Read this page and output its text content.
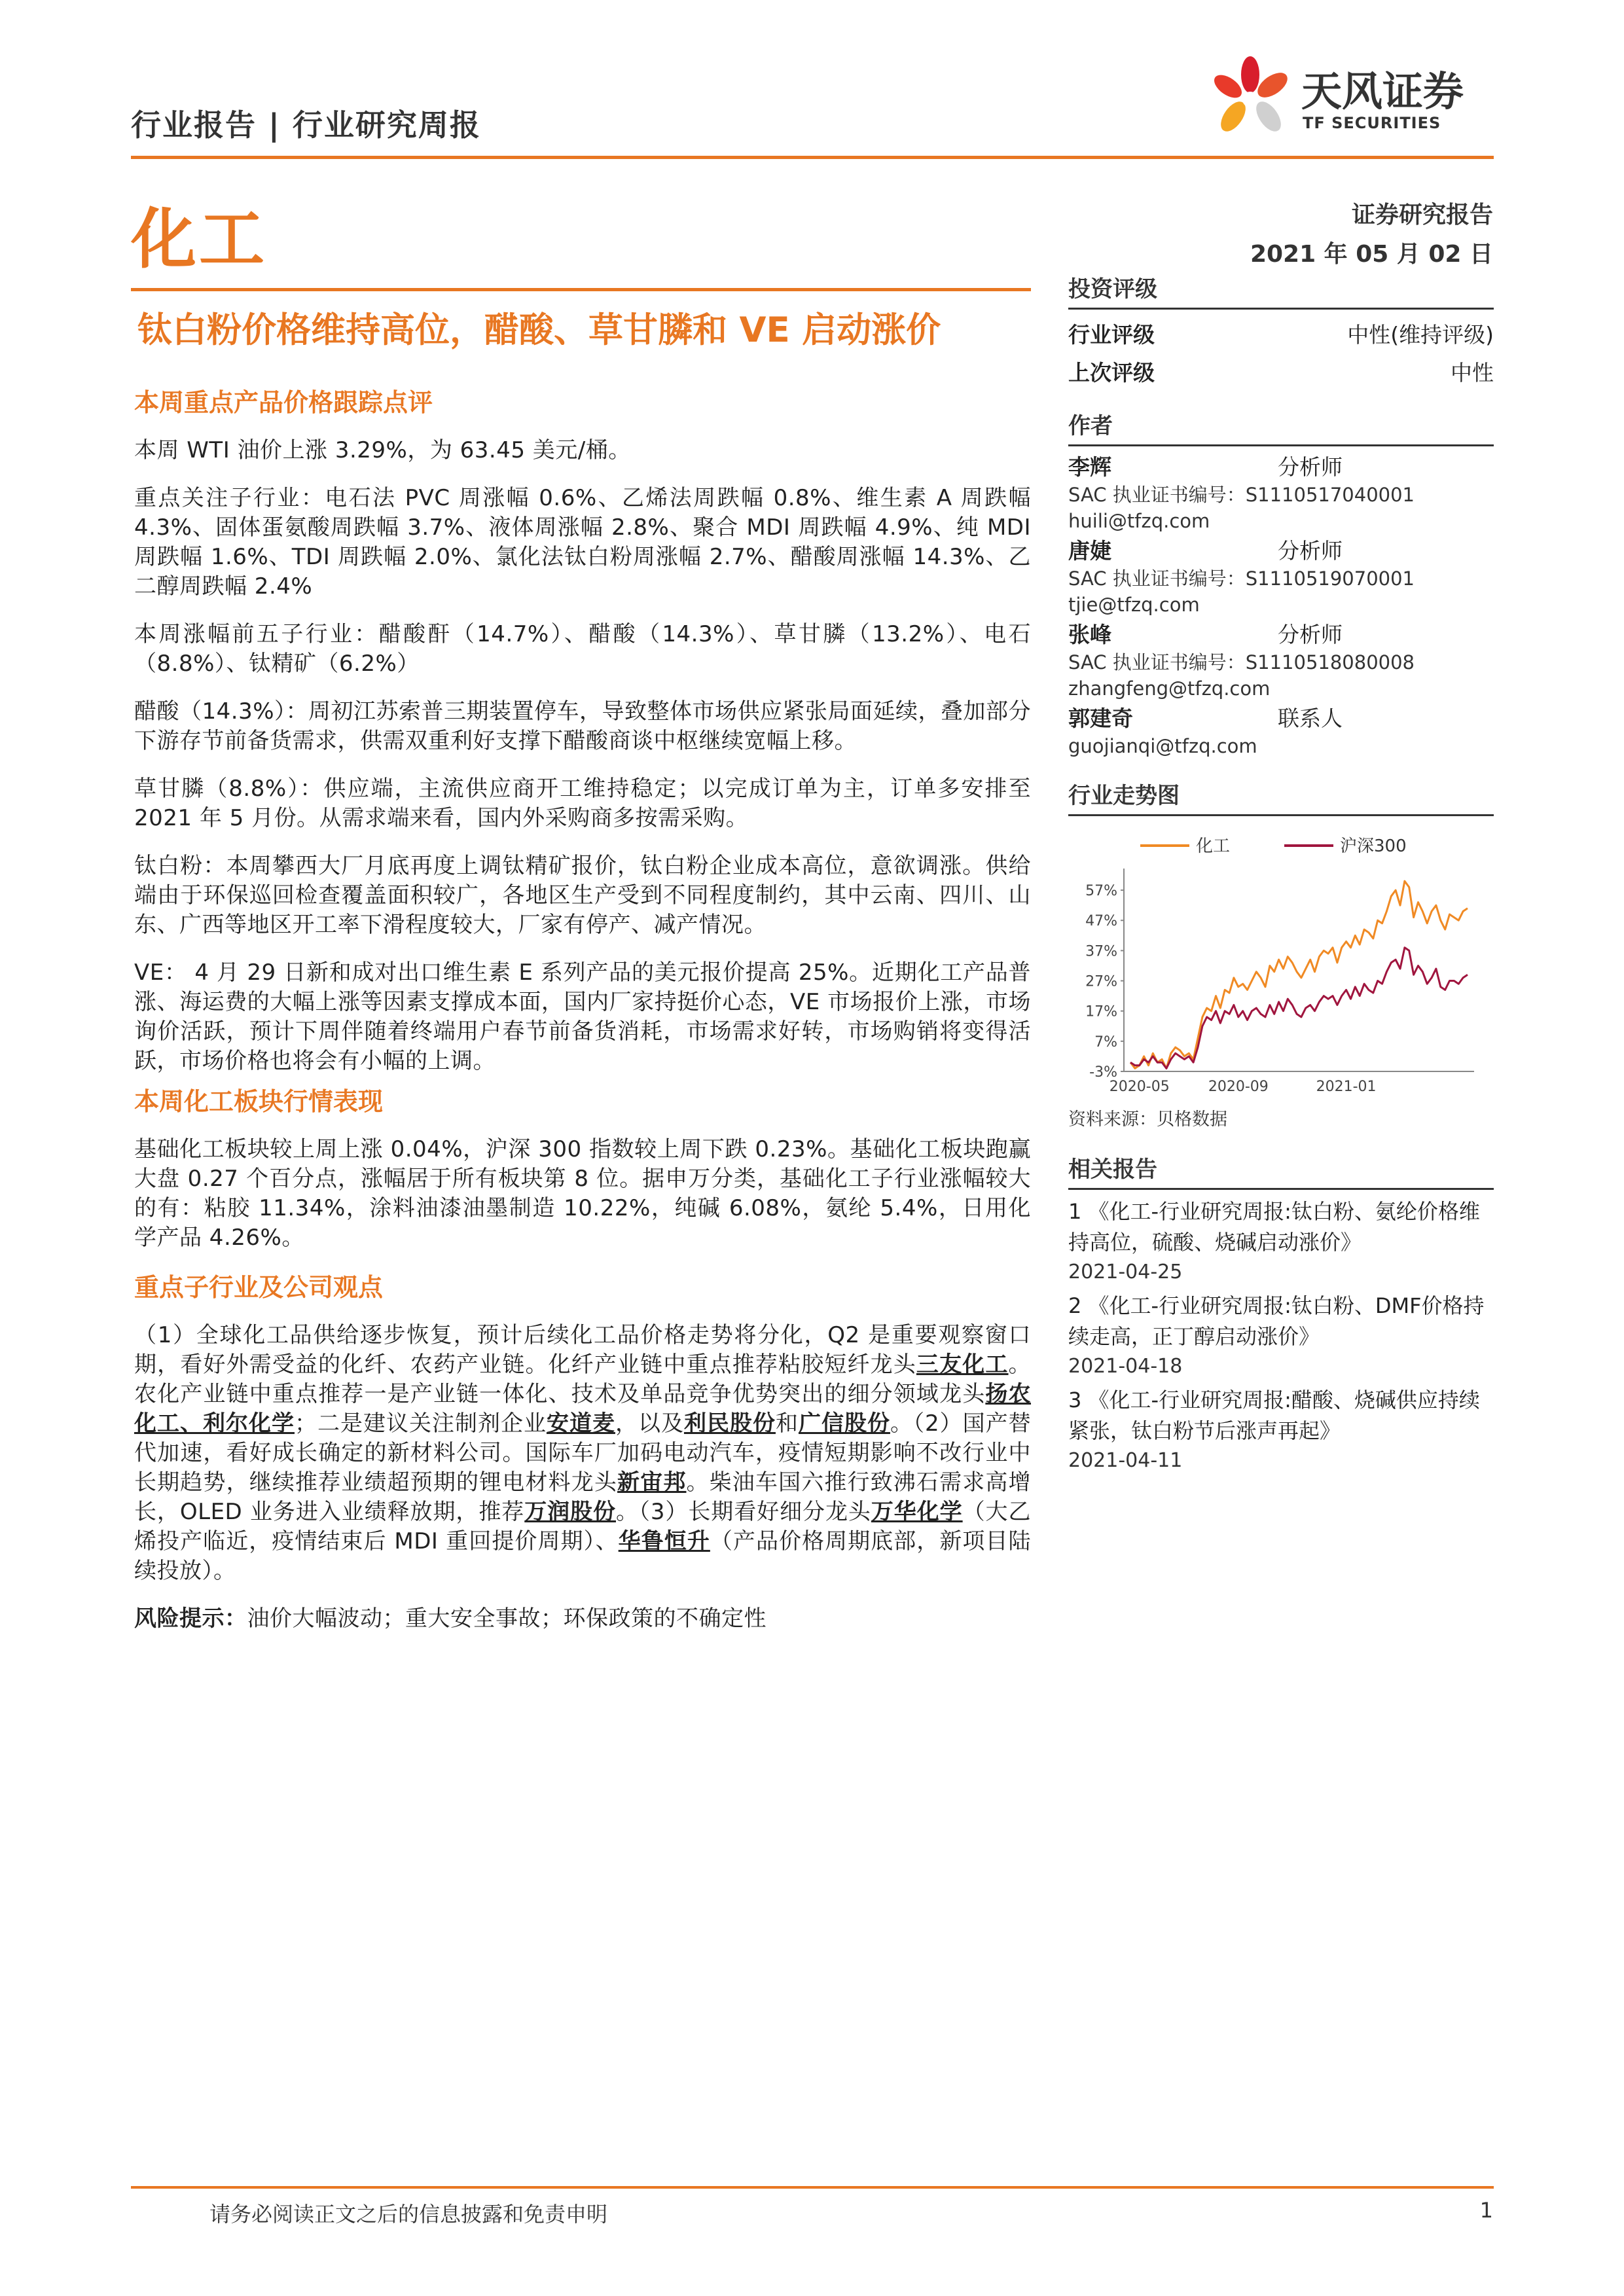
行业报告 | 行业研究周报
天风证券
TF SECURITIES
化工	证券研究报告
2021 年 05 月 02 日
钛白粉价格维持高位，醋酸、草甘膦和 VE 启动涨价
本周重点产品价格跟踪点评

本周 WTI 油价上涨 3.29%，为 63.45 美元/桶。

重点关注子行业：电石法 PVC 周涨幅 0.6%、乙烯法周跌幅 0.8%、维生素 A 周跌幅 4.3%、固体蛋氨酸周跌幅 3.7%、液体周涨幅 2.8%、聚合 MDI 周跌幅 4.9%、纯 MDI 周跌幅 1.6%、TDI 周跌幅 2.0%、氯化法钛白粉周涨幅 2.7%、醋酸周涨幅 14.3%、乙二醇周跌幅 2.4%

本周涨幅前五子行业：醋酸酐（14.7%）、醋酸（14.3%）、草甘膦（13.2%）、电石（8.8%）、钛精矿（6.2%）

醋酸（14.3%）：周初江苏索普三期装置停车，导致整体市场供应紧张局面延续，叠加部分下游存节前备货需求，供需双重利好支撑下醋酸商谈中枢继续宽幅上移。

草甘膦（8.8%）：供应端，主流供应商开工维持稳定；以完成订单为主，订单多安排至 2021 年 5 月份。从需求端来看，国内外采购商多按需采购。

钛白粉：本周攀西大厂月底再度上调钛精矿报价，钛白粉企业成本高位，意欲调涨。供给端由于环保巡回检查覆盖面积较广，各地区生产受到不同程度制约，其中云南、四川、山东、广西等地区开工率下滑程度较大，厂家有停产、减产情况。

VE： 4 月 29 日新和成对出口维生素 E 系列产品的美元报价提高 25%。近期化工产品普涨、海运费的大幅上涨等因素支撑成本面，国内厂家持挺价心态，VE 市场报价上涨，市场询价活跃，预计下周伴随着终端用户春节前备货消耗，市场需求好转，市场购销将变得活跃，市场价格也将会有小幅的上调。

本周化工板块行情表现

基础化工板块较上周上涨 0.04%，沪深 300 指数较上周下跌 0.23%。基础化工板块跑赢大盘 0.27 个百分点，涨幅居于所有板块第 8 位。据申万分类，基础化工子行业涨幅较大的有：粘胶 11.34%，涂料油漆油墨制造 10.22%，纯碱 6.08%，氨纶 5.4%，日用化学产品 4.26%。

重点子行业及公司观点

（1）全球化工品供给逐步恢复，预计后续化工品价格走势将分化，Q2 是重要观察窗口期，看好外需受益的化纤、农药产业链。化纤产业链中重点推荐粘胶短纤龙头三友化工。农化产业链中重点推荐一是产业链一体化、技术及单品竞争优势突出的细分领域龙头扬农化工、利尔化学；二是建议关注制剂企业安道麦，以及利民股份和广信股份。（2）国产替代加速，看好成长确定的新材料公司。国际车厂加码电动汽车，疫情短期影响不改行业中长期趋势，继续推荐业绩超预期的锂电材料龙头新宙邦。柴油车国六推行致沸石需求高增长，OLED 业务进入业绩释放期，推荐万润股份。（3）长期看好细分龙头万华化学（大乙烯投产临近，疫情结束后 MDI 重回提价周期）、华鲁恒升（产品价格周期底部，新项目陆续投放）。

风险提示：油价大幅波动；重大安全事故；环保政策的不确定性

投资评级
行业评级	中性(维持评级)
上次评级	中性
作者
李辉	分析师
SAC 执业证书编号：S1110517040001
huili@tfzq.com
唐婕	分析师
SAC 执业证书编号：S1110519070001
tjie@tfzq.com
张峰	分析师
SAC 执业证书编号：S1110518080008
zhangfeng@tfzq.com
郭建奇	联系人
guojianqi@tfzq.com
行业走势图
-3%
7%
17%
27%
37%
47%
57%
2020-05	2020-09	2021-01
化工	沪深300
资料来源：贝格数据
相关报告
1 《化工-行业研究周报:钛白粉、氨纶价格维持高位，硫酸、烧碱启动涨价》
2021-04-25
2 《化工-行业研究周报:钛白粉、DMF价格持续走高，正丁醇启动涨价》
2021-04-18
3 《化工-行业研究周报:醋酸、烧碱供应持续紧张，钛白粉节后涨声再起》
2021-04-11
请务必阅读正文之后的信息披露和免责申明	1
